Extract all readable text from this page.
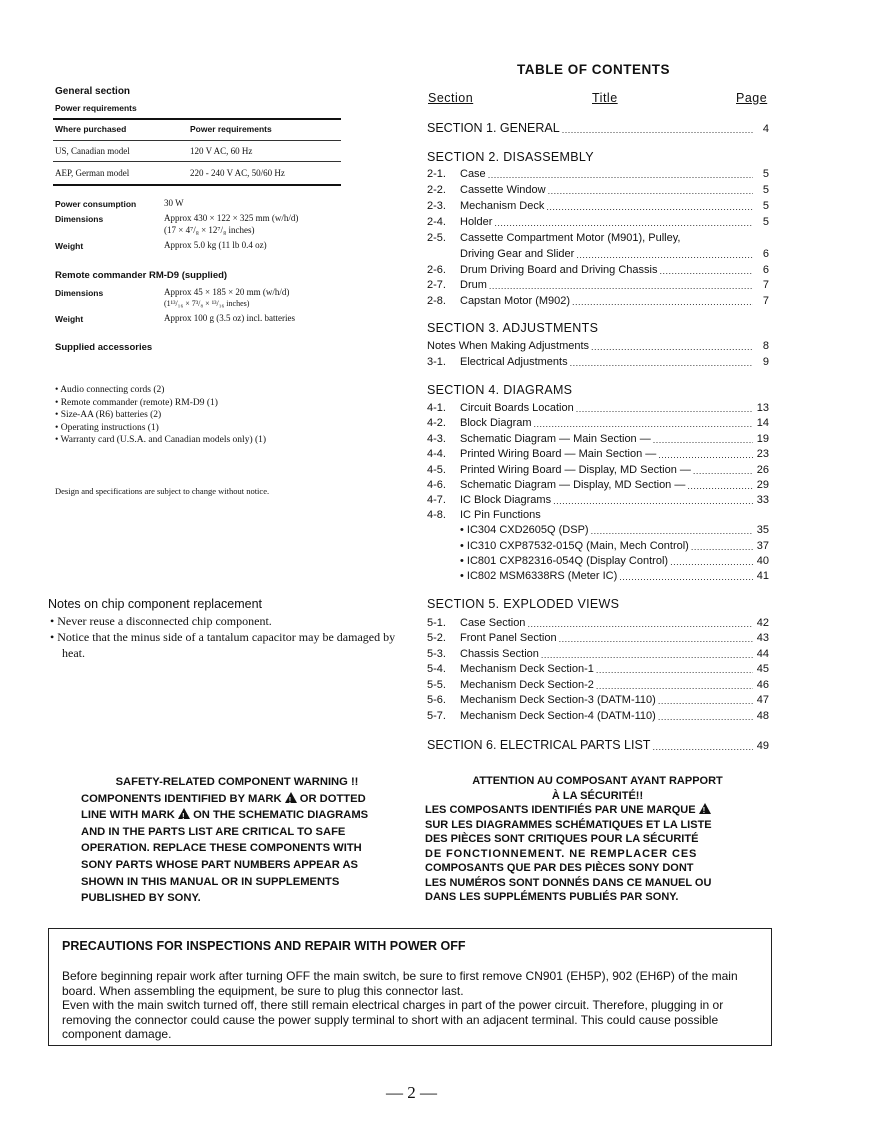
General section
Power requirements
Where purchased	Power requirements
US, Canadian model	120 V AC, 60 Hz
AEP, German model	220 - 240 V AC, 50/60 Hz
Power consumption	30 W
Dimensions	Approx 430 × 122 × 325 mm (w/h/d)
(17 × 4⁷/₈ × 12⁷/₈ inches)
Weight	Approx 5.0 kg (11 lb 0.4 oz)
Remote commander RM-D9 (supplied)
Dimensions	Approx 45 × 185 × 20 mm (w/h/d)
(1¹³/₁₆ × 7³/₈ × ¹³/₁₆ inches)
Weight	Approx 100 g (3.5 oz) incl. batteries
Supplied accessories
• Audio connecting cords (2)
• Remote commander (remote) RM-D9 (1)
• Size-AA (R6) batteries (2)
• Operating instructions (1)
• Warranty card (U.S.A. and Canadian models only) (1)
Design and specifications are subject to change without notice.
Notes on chip component replacement
• Never reuse a disconnected chip component.
• Notice that the minus side of a tantalum capacitor may be damaged by heat.
TABLE OF CONTENTS
Section	Title	Page
SECTION 1. GENERAL .....	4
SECTION 2. DISASSEMBLY
2-1.	Case .....	5
2-2.	Cassette Window .....	5
2-3.	Mechanism Deck .....	5
2-4.	Holder .....	5
2-5.	Cassette Compartment Motor (M901), Pulley,
Driving Gear and Slider .....	6
2-6.	Drum Driving Board and Driving Chassis .....	6
2-7.	Drum .....	7
2-8.	Capstan Motor (M902) .....	7
SECTION 3. ADJUSTMENTS
Notes When Making Adjustments .....	8
3-1.	Electrical Adjustments .....	9
SECTION 4. DIAGRAMS
4-1.	Circuit Boards Location .....	13
4-2.	Block Diagram .....	14
4-3.	Schematic Diagram — Main Section — .....	19
4-4.	Printed Wiring Board — Main Section — .....	23
4-5.	Printed Wiring Board — Display, MD Section — .....	26
4-6.	Schematic Diagram — Display, MD Section — .....	29
4-7.	IC Block Diagrams .....	33
4-8.	IC Pin Functions
• IC304 CXD2605Q (DSP) .....	35
• IC310 CXP87532-015Q (Main, Mech Control) .....	37
• IC801 CXP82316-054Q (Display Control) .....	40
• IC802 MSM6338RS (Meter IC) .....	41
SECTION 5. EXPLODED VIEWS
5-1.	Case Section .....	42
5-2.	Front Panel Section .....	43
5-3.	Chassis Section .....	44
5-4.	Mechanism Deck Section-1 .....	45
5-5.	Mechanism Deck Section-2 .....	46
5-6.	Mechanism Deck Section-3 (DATM-110) .....	47
5-7.	Mechanism Deck Section-4 (DATM-110) .....	48
SECTION 6. ELECTRICAL PARTS LIST .....	49
SAFETY-RELATED COMPONENT WARNING !!
COMPONENTS IDENTIFIED BY MARK ! OR DOTTED
LINE WITH MARK ! ON THE SCHEMATIC DIAGRAMS
AND IN THE PARTS LIST ARE CRITICAL TO SAFE
OPERATION. REPLACE THESE COMPONENTS WITH
SONY PARTS WHOSE PART NUMBERS APPEAR AS
SHOWN IN THIS MANUAL OR IN SUPPLEMENTS
PUBLISHED BY SONY.
ATTENTION AU COMPOSANT AYANT RAPPORT
À LA SÉCURITÉ!!
LES COMPOSANTS IDENTIFIÉS PAR UNE MARQUE !
SUR LES DIAGRAMMES SCHÉMATIQUES ET LA LISTE
DES PIÈCES SONT CRITIQUES POUR LA SÉCURITÉ
DE FONCTIONNEMENT. NE REMPLACER CES
COMPOSANTS QUE PAR DES PIÈCES SONY DONT
LES NUMÉROS SONT DONNÉS DANS CE MANUEL OU
DANS LES SUPPLÉMENTS PUBLIÉS PAR SONY.
PRECAUTIONS FOR INSPECTIONS AND REPAIR WITH POWER OFF
Before beginning repair work after turning OFF the main switch, be sure to first remove CN901 (EH5P), 902 (EH6P) of the main board. When assembling the equipment, be sure to plug this connector last.
Even with the main switch turned off, there still remain electrical charges in part of the power circuit. Therefore, plugging in or removing the connector could cause the power supply terminal to short with an adjacent terminal. This could cause possible component damage.
— 2 —
